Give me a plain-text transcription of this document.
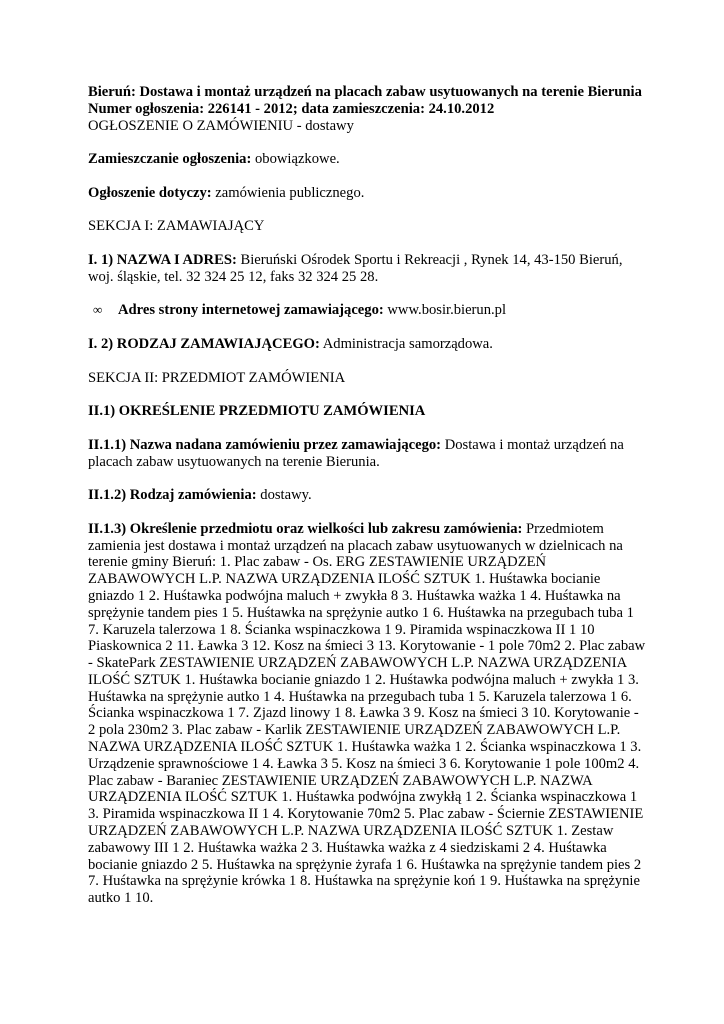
Bieruń: Dostawa i montaż urządzeń na placach zabaw usytuowanych na terenie Bierunia
Numer ogłoszenia: 226141 - 2012; data zamieszczenia: 24.10.2012
OGŁOSZENIE O ZAMÓWIENIU - dostawy

Zamieszczanie ogłoszenia: obowiązkowe.

Ogłoszenie dotyczy: zamówienia publicznego.

SEKCJA I: ZAMAWIAJĄCY

I. 1) NAZWA I ADRES: Bieruński Ośrodek Sportu i Rekreacji , Rynek 14, 43-150 Bieruń, woj. śląskie, tel. 32 324 25 12, faks 32 324 25 28.

∞ Adres strony internetowej zamawiającego: www.bosir.bierun.pl

I. 2) RODZAJ ZAMAWIAJĄCEGO: Administracja samorządowa.

SEKCJA II: PRZEDMIOT ZAMÓWIENIA

II.1) OKREŚLENIE PRZEDMIOTU ZAMÓWIENIA

II.1.1) Nazwa nadana zamówieniu przez zamawiającego: Dostawa i montaż urządzeń na placach zabaw usytuowanych na terenie Bierunia.

II.1.2) Rodzaj zamówienia: dostawy.

II.1.3) Określenie przedmiotu oraz wielkości lub zakresu zamówienia: Przedmiotem zamienia jest dostawa i montaż urządzeń na placach zabaw usytuowanych w dzielnicach na terenie gminy Bieruń: 1. Plac zabaw - Os. ERG ZESTAWIENIE URZĄDZEŃ ZABAWOWYCH L.P. NAZWA URZĄDZENIA ILOŚĆ SZTUK 1. Huśtawka bocianie gniazdo 1 2. Huśtawka podwójna maluch + zwykła 8 3. Huśtawka ważka 1 4. Huśtawka na sprężynie tandem pies 1 5. Huśtawka na sprężynie autko 1 6. Huśtawka na przegubach tuba 1 7. Karuzela talerzowa 1 8. Ścianka wspinaczkowa 1 9. Piramida wspinaczkowa II 1 10 Piaskownica 2 11. Ławka 3 12. Kosz na śmieci 3 13. Korytowanie - 1 pole 70m2 2. Plac zabaw - SkatePark ZESTAWIENIE URZĄDZEŃ ZABAWOWYCH L.P. NAZWA URZĄDZENIA ILOŚĆ SZTUK 1. Huśtawka bocianie gniazdo 1 2. Huśtawka podwójna maluch + zwykła 1 3. Huśtawka na sprężynie autko 1 4. Huśtawka na przegubach tuba 1 5. Karuzela talerzowa 1 6. Ścianka wspinaczkowa 1 7. Zjazd linowy 1 8. Ławka 3 9. Kosz na śmieci 3 10. Korytowanie - 2 pola 230m2 3. Plac zabaw - Karlik ZESTAWIENIE URZĄDZEŃ ZABAWOWYCH L.P. NAZWA URZĄDZENIA ILOŚĆ SZTUK 1. Huśtawka ważka 1 2. Ścianka wspinaczkowa 1 3. Urządzenie sprawnościowe 1 4. Ławka 3 5. Kosz na śmieci 3 6. Korytowanie 1 pole 100m2 4. Plac zabaw - Baraniec ZESTAWIENIE URZĄDZEŃ ZABAWOWYCH L.P. NAZWA URZĄDZENIA ILOŚĆ SZTUK 1. Huśtawka podwójna zwykłą 1 2. Ścianka wspinaczkowa 1 3. Piramida wspinaczkowa II 1 4. Korytowanie 70m2 5. Plac zabaw - Ściernie ZESTAWIENIE URZĄDZEŃ ZABAWOWYCH L.P. NAZWA URZĄDZENIA ILOŚĆ SZTUK 1. Zestaw zabawowy III 1 2. Huśtawka ważka 2 3. Huśtawka ważka z 4 siedziskami 2 4. Huśtawka bocianie gniazdo 2 5. Huśtawka na sprężynie żyrafa 1 6. Huśtawka na sprężynie tandem pies 2 7. Huśtawka na sprężynie krówka 1 8. Huśtawka na sprężynie koń 1 9. Huśtawka na sprężynie autko 1 10.
